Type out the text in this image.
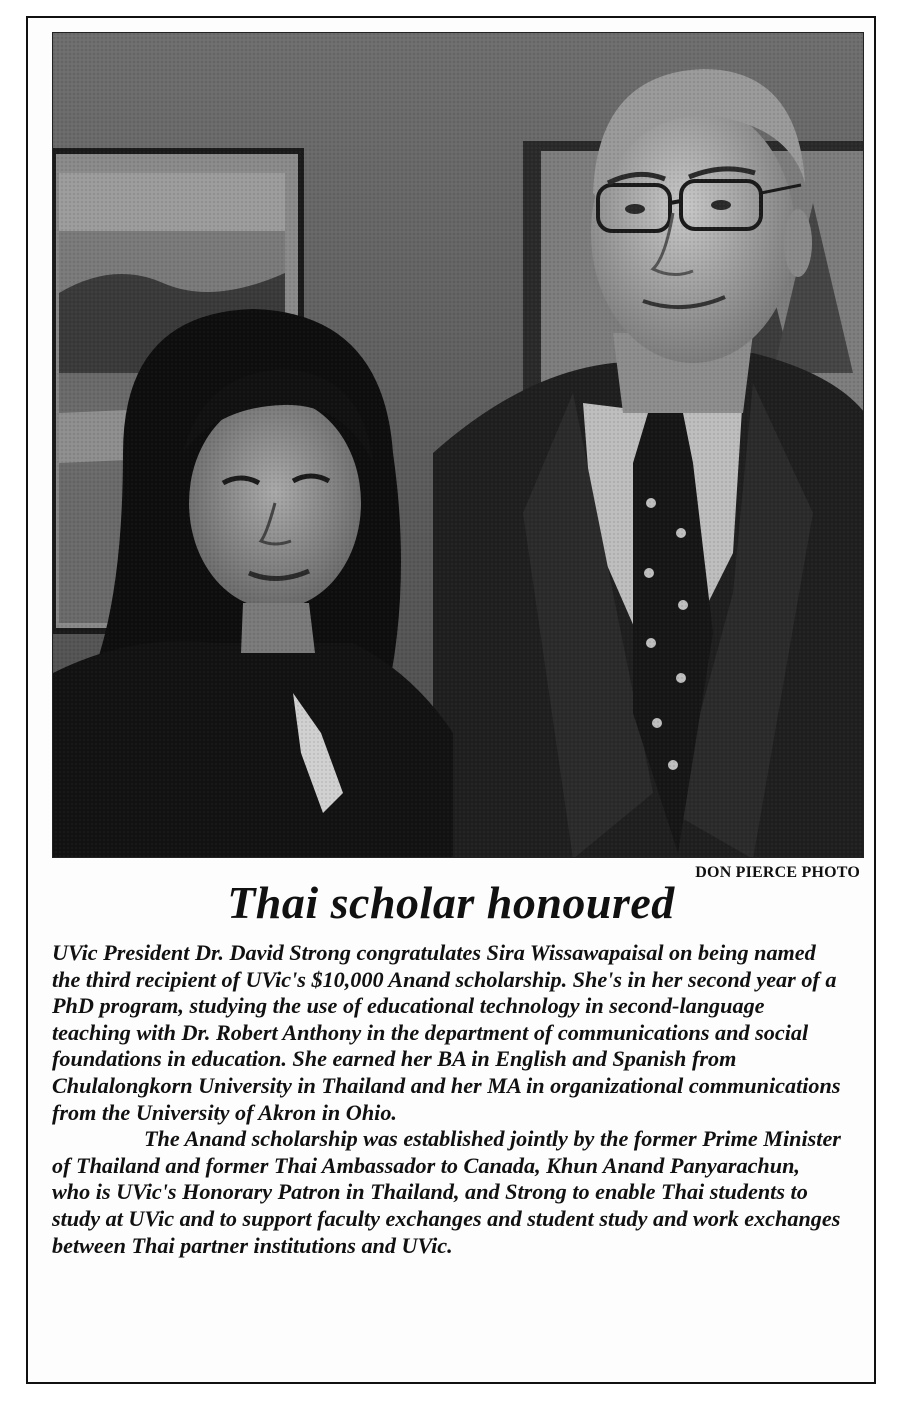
DON PIERCE PHOTO
Thai scholar honoured

UVic President Dr. David Strong congratulates Sira Wissawapaisal on being named the third recipient of UVic's $10,000 Anand scholarship. She's in her second year of a PhD program, studying the use of educational technology in second-language teaching with Dr. Robert Anthony in the department of communications and social foundations in education. She earned her BA in English and Spanish from Chulalongkorn University in Thailand and her MA in organizational communications from the University of Akron in Ohio.

The Anand scholarship was established jointly by the former Prime Minister of Thailand and former Thai Ambassador to Canada, Khun Anand Panyarachun, who is UVic's Honorary Patron in Thailand, and Strong to enable Thai students to study at UVic and to support faculty exchanges and student study and work exchanges between Thai partner institutions and UVic.
